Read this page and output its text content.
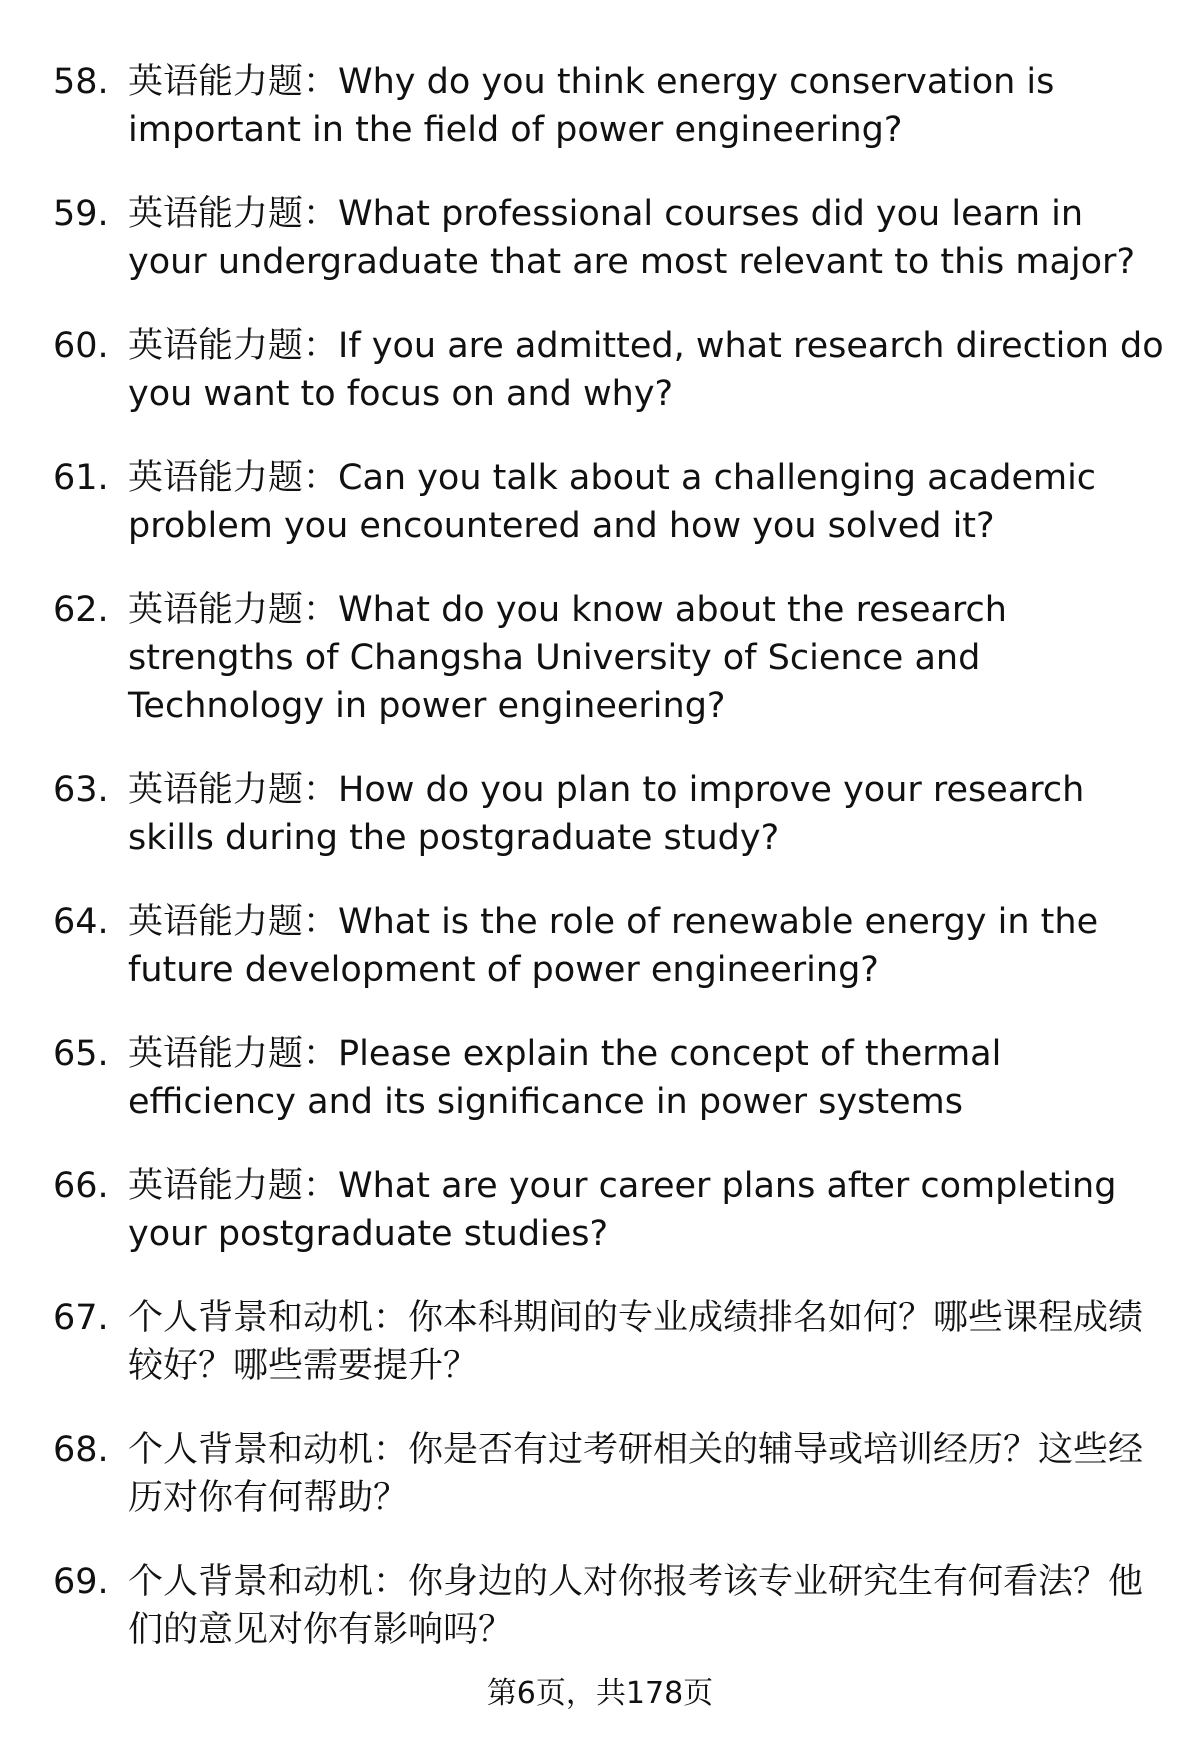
58. 英语能力题：Why do you think energy conservation is important in the field of power engineering?
59. 英语能力题：What professional courses did you learn in your undergraduate that are most relevant to this major?
60. 英语能力题：If you are admitted, what research direction do you want to focus on and why?
61. 英语能力题：Can you talk about a challenging academic problem you encountered and how you solved it?
62. 英语能力题：What do you know about the research strengths of Changsha University of Science and Technology in power engineering?
63. 英语能力题：How do you plan to improve your research skills during the postgraduate study?
64. 英语能力题：What is the role of renewable energy in the future development of power engineering?
65. 英语能力题：Please explain the concept of thermal efficiency and its significance in power systems
66. 英语能力题：What are your career plans after completing your postgraduate studies?
67. 个人背景和动机：你本科期间的专业成绩排名如何？哪些课程成绩较好？哪些需要提升？
68. 个人背景和动机：你是否有过考研相关的辅导或培训经历？这些经历对你有何帮助？
69. 个人背景和动机：你身边的人对你报考该专业研究生有何看法？他们的意见对你有影响吗？
第6页，共178页
